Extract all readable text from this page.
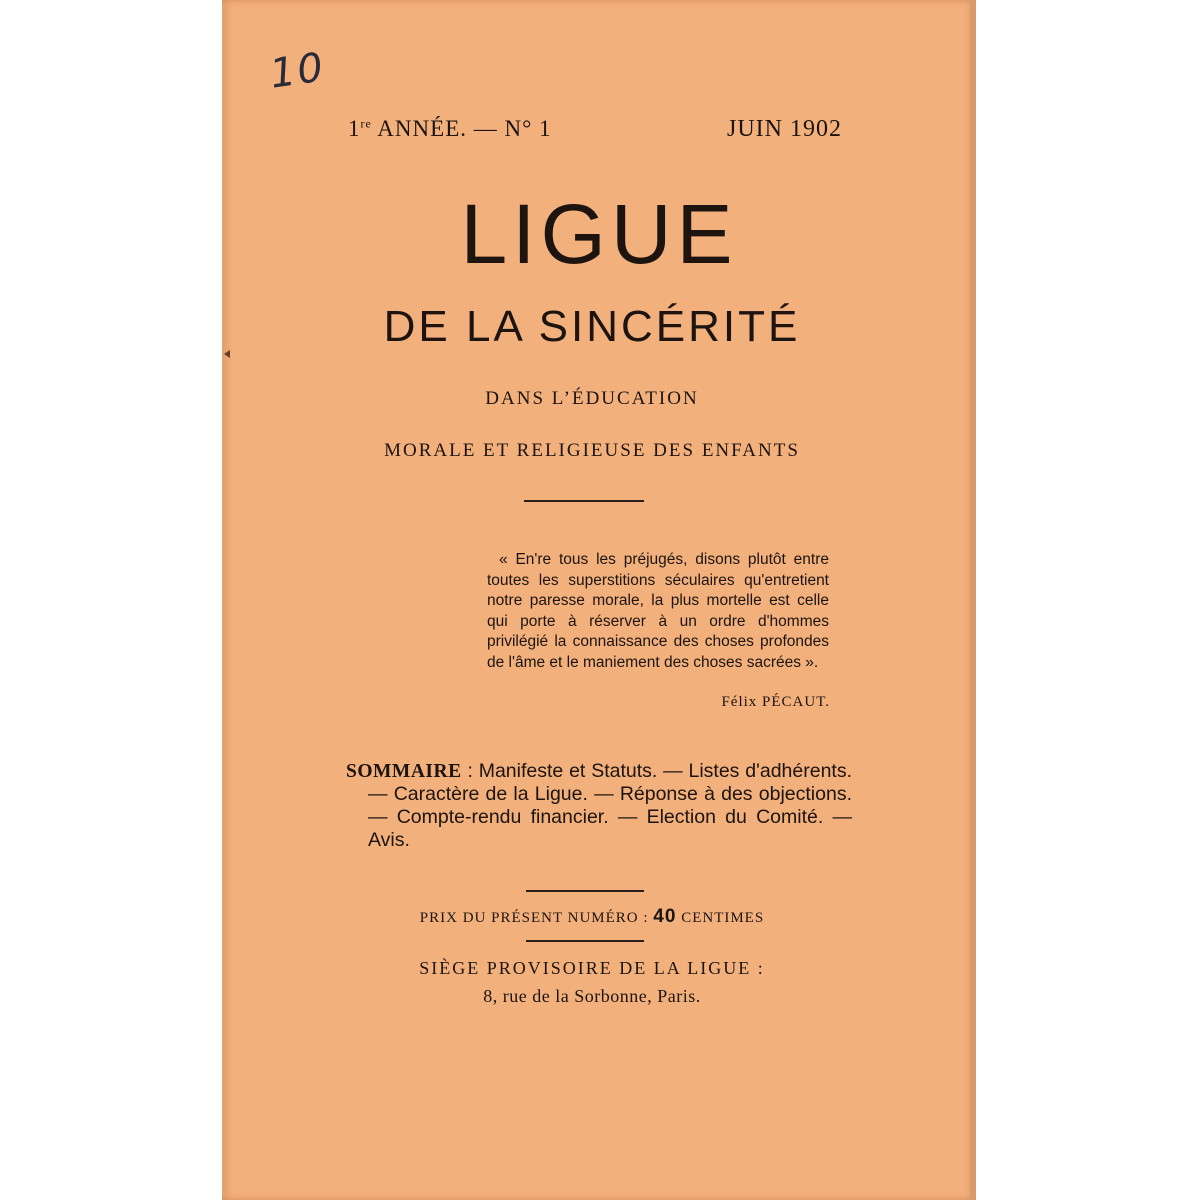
10
1re ANNÉE. — N° 1	JUIN 1902
LIGUE
DE LA SINCÉRITÉ
DANS L’ÉDUCATION
MORALE ET RELIGIEUSE DES ENFANTS
« En're tous les préjugés, disons plutôt entre toutes les superstitions séculaires qu'entretient notre paresse morale, la plus mortelle est celle qui porte à réserver à un ordre d'hommes privilégié la connaissance des choses profondes de l'âme et le maniement des choses sacrées ».
Félix PÉCAUT.
SOMMAIRE : Manifeste et Statuts. — Listes d'adhérents. — Caractère de la Ligue. — Réponse à des objections. — Compte-rendu financier. — Election du Comité. — Avis.
PRIX DU PRÉSENT NUMÉRO : 40 CENTIMES
SIÈGE PROVISOIRE DE LA LIGUE :
8, rue de la Sorbonne, Paris.
